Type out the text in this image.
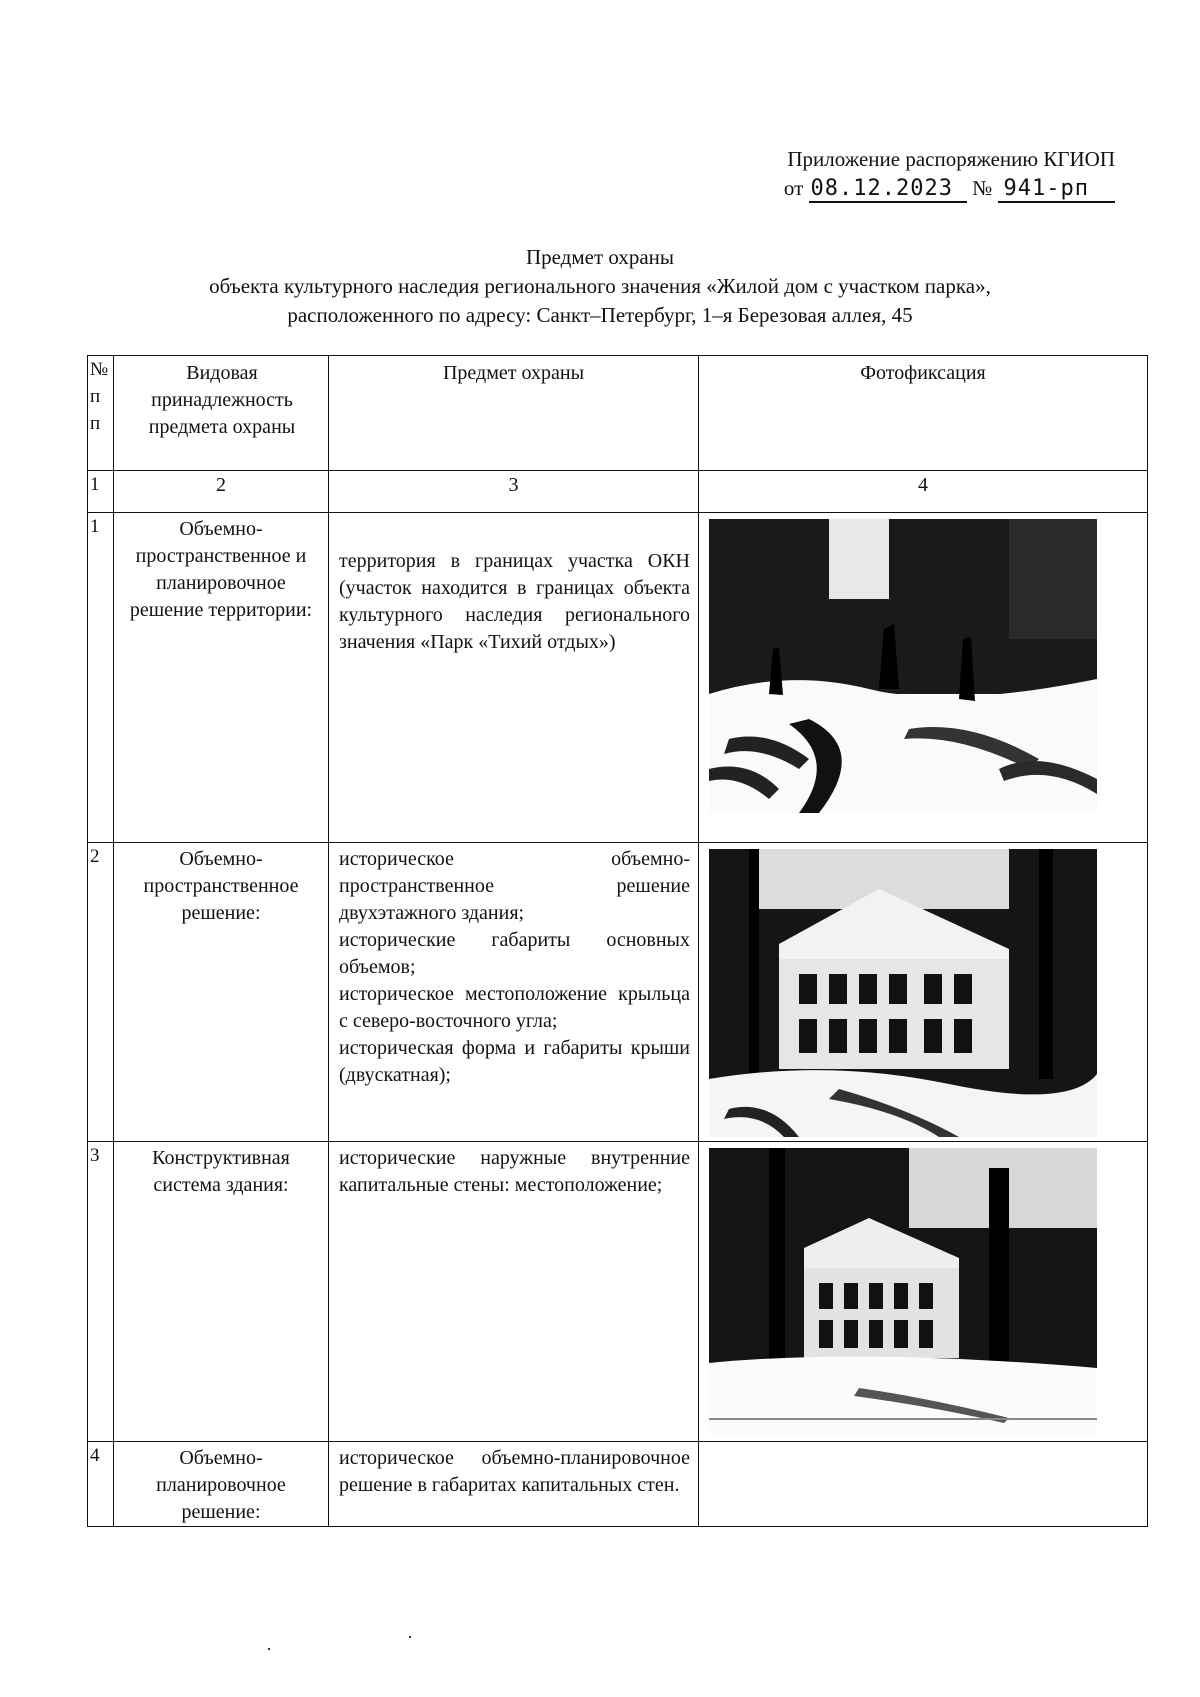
Приложение распоряжению КГИОП
от 08.12.2023 № 941-рп
Предмет охраны
объекта культурного наследия регионального значения «Жилой дом с участком парка»,
расположенного по адресу: Санкт–Петербург, 1–я Березовая аллея, 45
№
п
п	Видовая принадлежность предмета охраны	Предмет охраны	Фотофиксация
1	2	3	4
1	Объемно-пространственное и планировочное решение территории:	территория в границах участка ОКН (участок находится в границах объекта культурного наследия регионального значения «Парк «Тихий отдых»)

2	Объемно-пространственное решение:	историческое объемно-пространственное решение двухэтажного здания;

исторические габариты основных объемов;

историческое местоположение крыльца с северо-восточного угла;

историческая форма и габариты крыши (двускатная);

3	Конструктивная система здания:	исторические наружные внутренние капитальные стены: местоположение;

4	Объемно-планировочное решение:	историческое объемно-планировочное решение в габаритах капитальных стен.	
